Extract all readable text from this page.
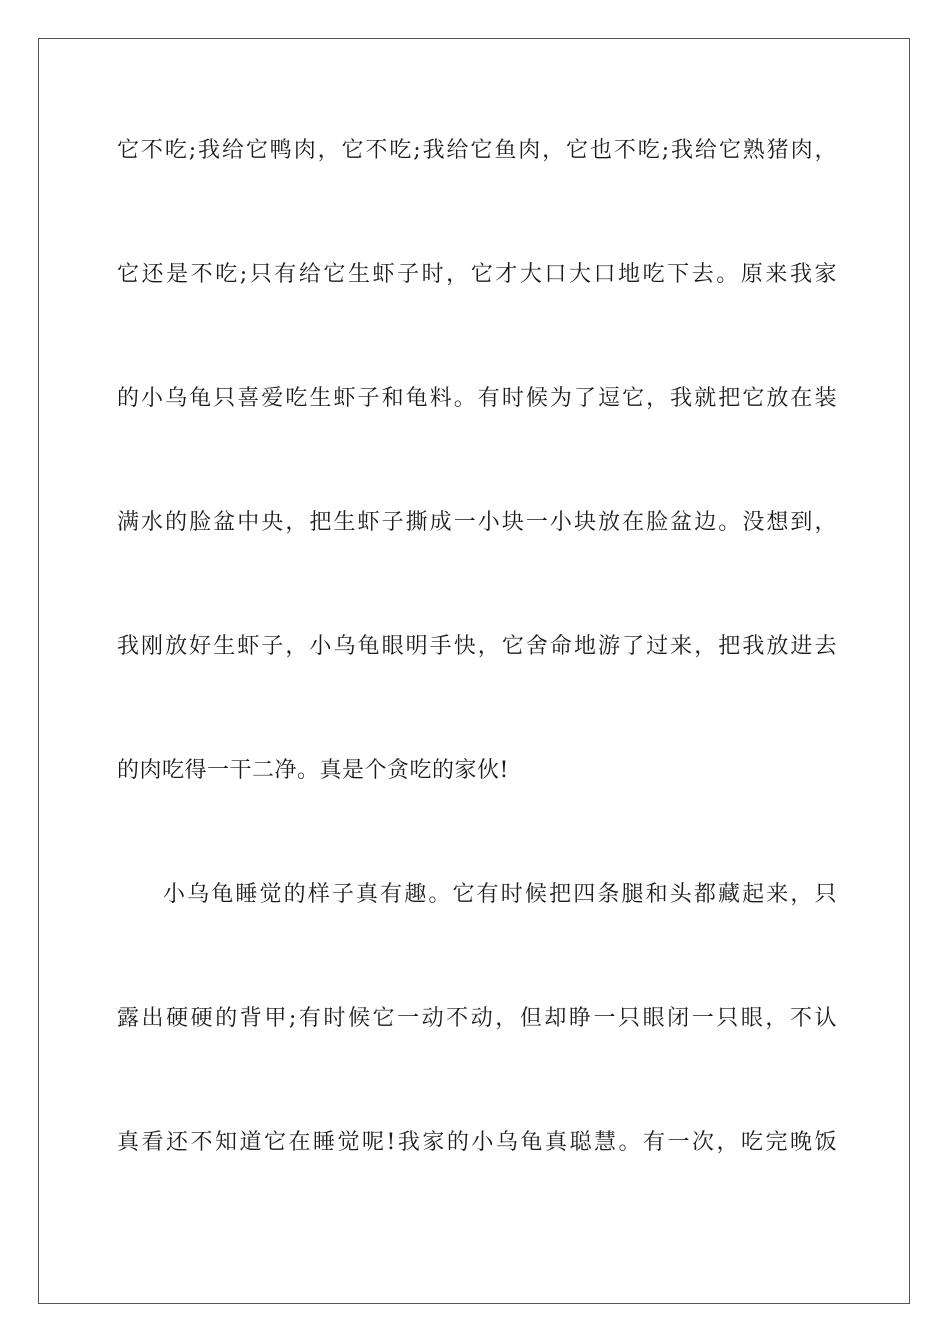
它不吃;我给它鸭肉，它不吃;我给它鱼肉，它也不吃;我给它熟猪肉，
它还是不吃;只有给它生虾子时，它才大口大口地吃下去。原来我家
的小乌龟只喜爱吃生虾子和龟料。有时候为了逗它，我就把它放在装
满水的脸盆中央，把生虾子撕成一小块一小块放在脸盆边。没想到，
我刚放好生虾子，小乌龟眼明手快，它舍命地游了过来，把我放进去
的肉吃得一干二净。真是个贪吃的家伙!
小乌龟睡觉的样子真有趣。它有时候把四条腿和头都藏起来，只
露出硬硬的背甲;有时候它一动不动，但却睁一只眼闭一只眼，不认
真看还不知道它在睡觉呢!我家的小乌龟真聪慧。有一次，吃完晚饭
